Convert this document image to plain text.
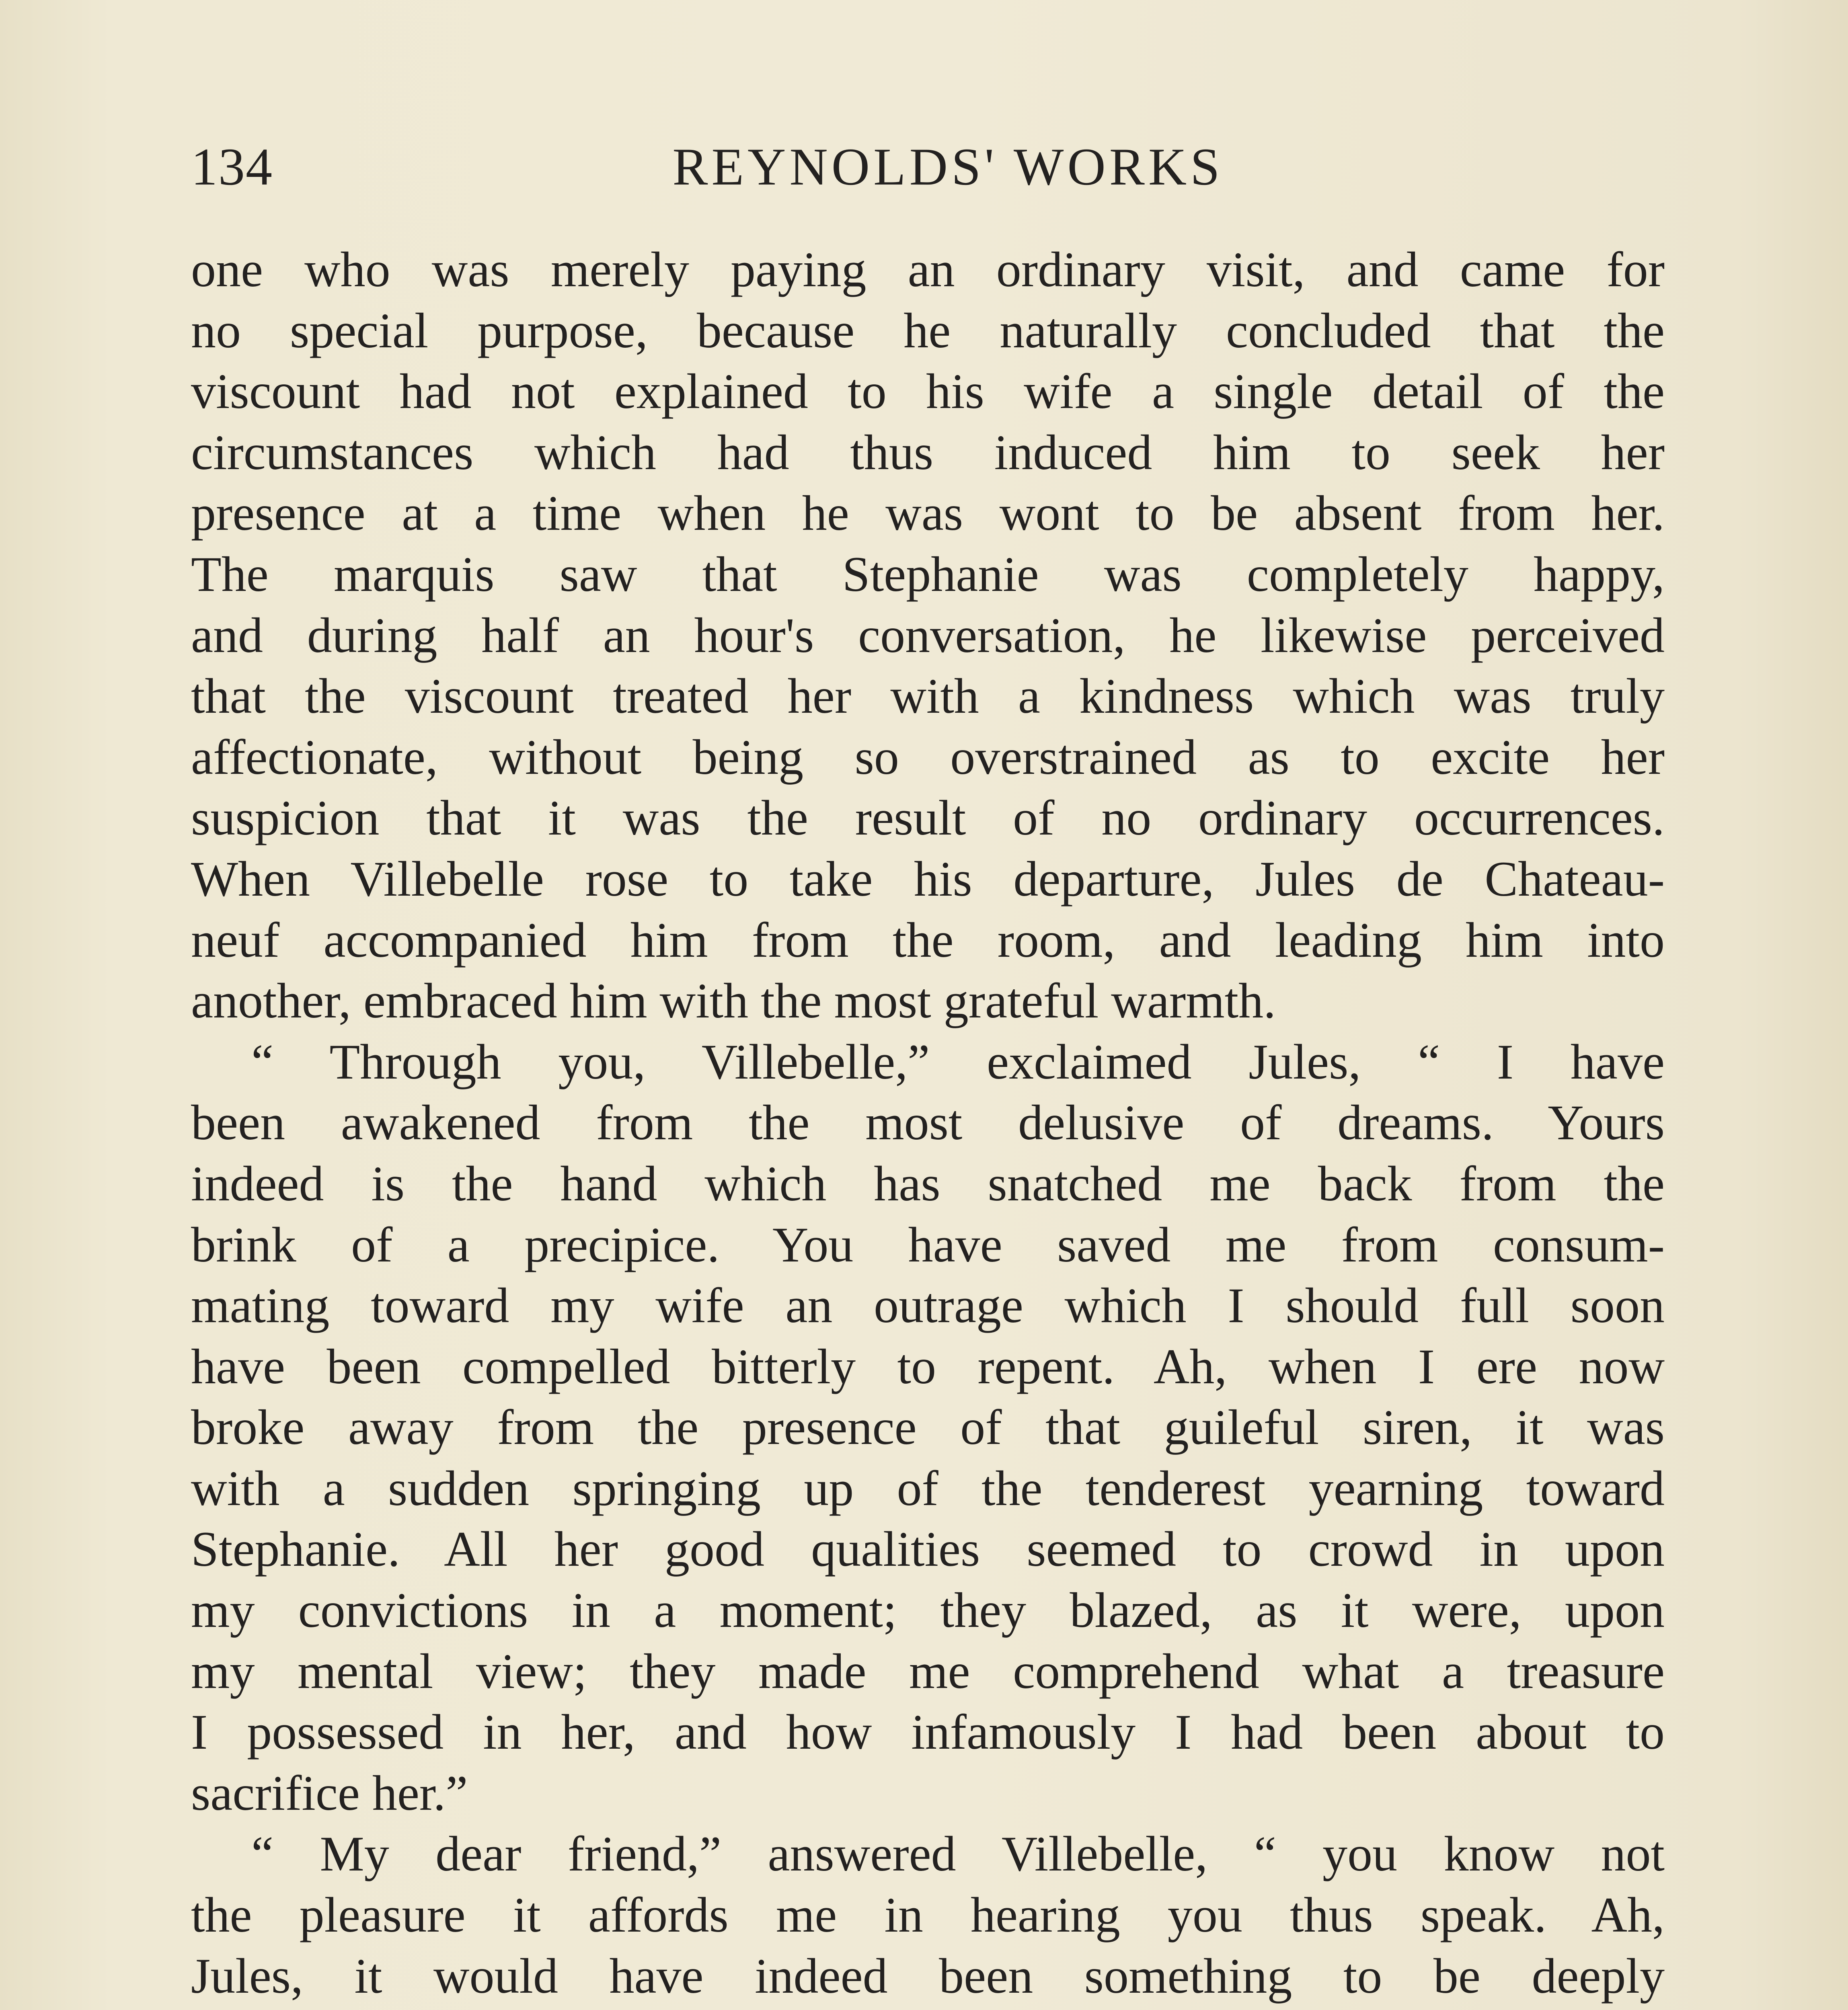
134	REYNOLDS' WORKS
one who was merely paying an ordinary visit, and came for
no special purpose, because he naturally concluded that the
viscount had not explained to his wife a single detail of the
circumstances which had thus induced him to seek her
presence at a time when he was wont to be absent from her.
The marquis saw that Stephanie was completely happy,
and during half an hour's conversation, he likewise perceived
that the viscount treated her with a kindness which was truly
affectionate, without being so overstrained as to excite her
suspicion that it was the result of no ordinary occurrences.
When Villebelle rose to take his departure, Jules de Chateau-
neuf accompanied him from the room, and leading him into
another, embraced him with the most grateful warmth.
“ Through you, Villebelle,” exclaimed Jules, “ I have
been awakened from the most delusive of dreams. Yours
indeed is the hand which has snatched me back from the
brink of a precipice. You have saved me from consum-
mating toward my wife an outrage which I should full soon
have been compelled bitterly to repent. Ah, when I ere now
broke away from the presence of that guileful siren, it was
with a sudden springing up of the tenderest yearning toward
Stephanie. All her good qualities seemed to crowd in upon
my convictions in a moment; they blazed, as it were, upon
my mental view; they made me comprehend what a treasure
I possessed in her, and how infamously I had been about to
sacrifice her.”
“ My dear friend,” answered Villebelle, “ you know not
the pleasure it affords me in hearing you thus speak. Ah,
Jules, it would have indeed been something to be deeply
